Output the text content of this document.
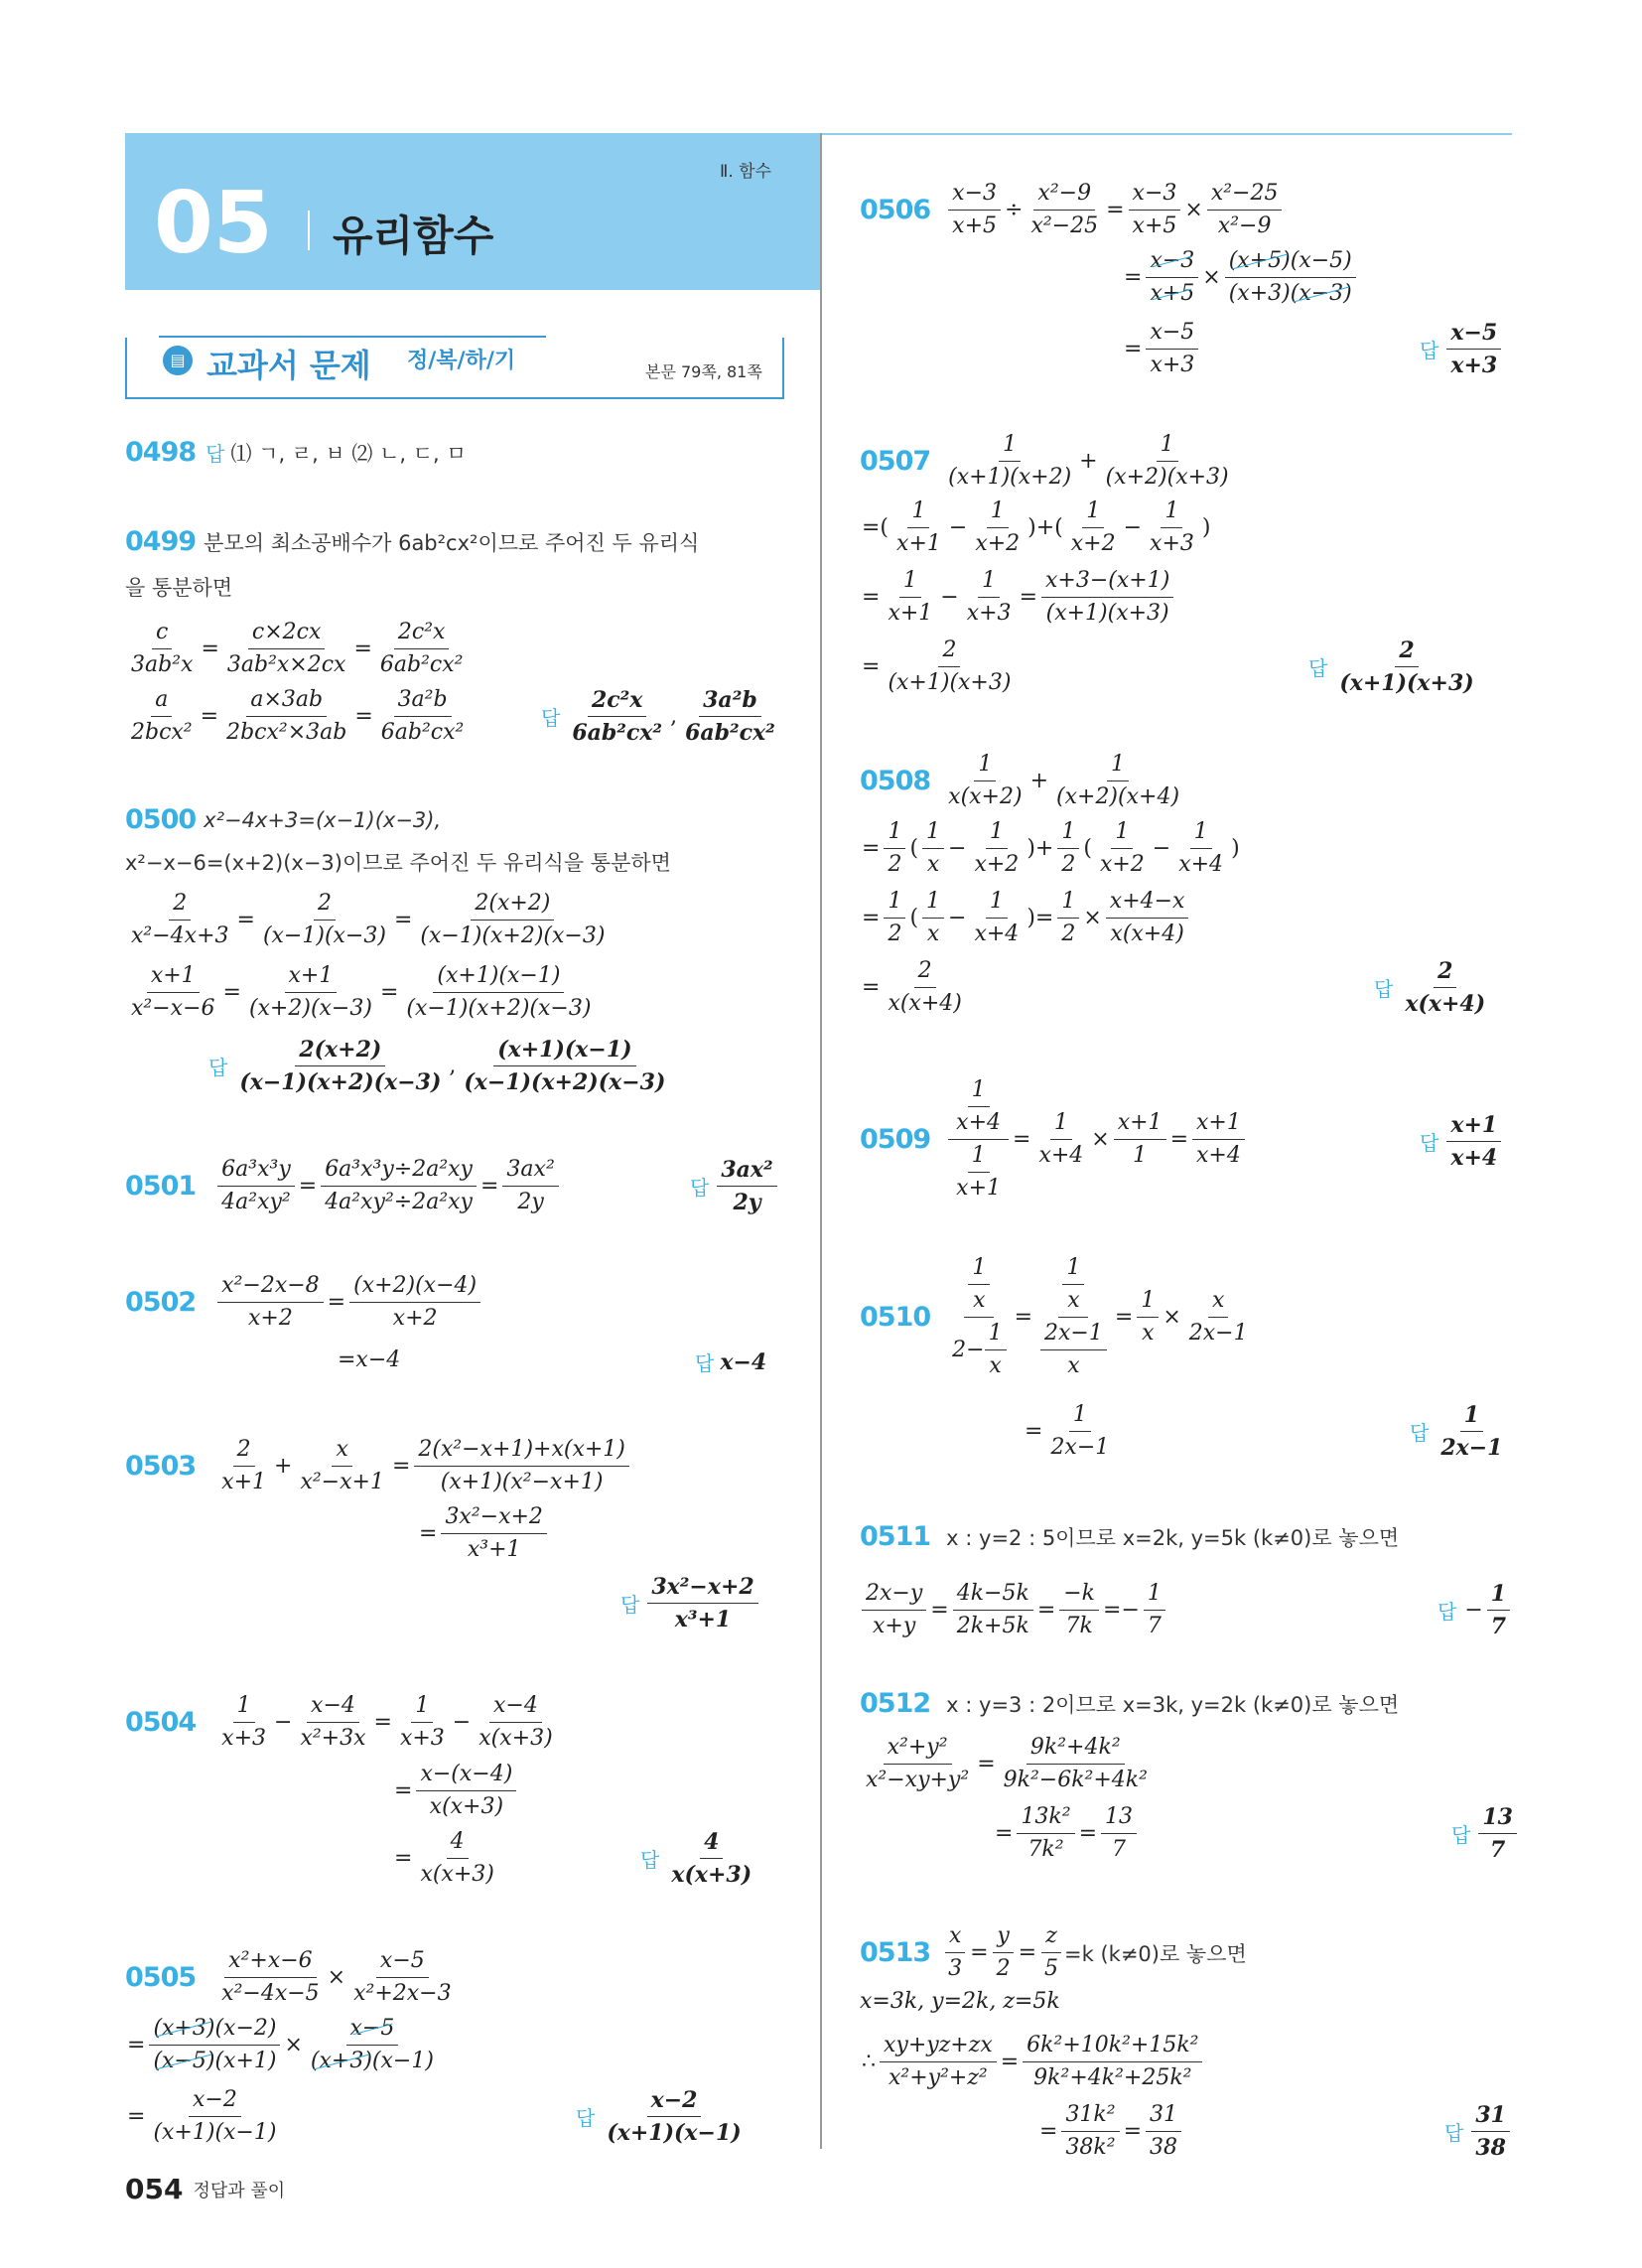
Ⅱ. 함수
05 유리함수
▤ 교과서 문제 정/복/하/기	본문 79쪽, 81쪽
0498 답 ⑴ ㄱ, ㄹ, ㅂ ⑵ ㄴ, ㄷ, ㅁ
0499 분모의 최소공배수가 6ab²cx²이므로 주어진 두 유리식
을 통분하면
$\frac{c}{\text{3ab²x}} = \frac{c\times 2cx}{\text{3ab²x×2cx}} = \frac{\text{2c²x}}{\text{6ab²cx²}}$
$\frac{a}{\text{2bcx²}} = \frac{a\times 3ab}{\text{2bcx²×3ab}} = \frac{\text{3a²b}}{\text{6ab²cx²}}$	답 $\frac{\text{2c²x}}{\text{6ab²cx²}}$ , $\frac{\text{3a²b}}{\text{6ab²cx²}}$
0500 x²−4x+3=(x−1)(x−3),
x²−x−6=(x+2)(x−3)이므로 주어진 두 유리식을 통분하면
$\frac{2}{\text{x²−4x+3}} = \frac{2}{(x-1)(x-3)} = \frac{2(x+2)}{(x-1)(x+2)(x-3)}$
$\frac{x+1}{\text{x²−x−6}} = \frac{x+1}{(x+2)(x-3)} = \frac{(x+1)(x-1)}{(x-1)(x+2)(x-3)}$
답 $\frac{2(x+2)}{(x-1)(x+2)(x-3)}$ , $\frac{(x+1)(x-1)}{(x-1)(x+2)(x-3)}$
$0501 \frac{\text{6a³x³y}}{\text{4a²xy²}} = \frac{\text{6a³x³y÷2a²xy}}{\text{4a²xy²÷2a²xy}} = \frac{\text{3ax²}}{2y}$	답 $\frac{\text{3ax²}}{2y}$
$0502 \frac{\text{x²−2x−8}}{x+2} = \frac{(x+2)(x-4)}{x+2}$
=x−4	답 x−4
$0503 \frac{2}{x+1} + \frac{x}{\text{x²−x+1}} = \frac{\text{2(x²−x+1)+x(x+1)}}{\text{(x+1)(x²−x+1)}}$
= $\frac{\text{3x²−x+2}}{\text{x³+1}}$
답 $\frac{\text{3x²−x+2}}{\text{x³+1}}$
$0504 \frac{1}{x+3} - \frac{x-4}{\text{x²+3x}} = \frac{1}{x+3} - \frac{x-4}{x(x+3)}$
= $\frac{x-(x-4)}{x(x+3)}$
= $\frac{4}{x(x+3)}$	답 $\frac{4}{x(x+3)}$
$0505 \frac{\text{x²+x−6}}{\text{x²−4x−5}} \times \frac{x-5}{\text{x²+2x−3}}$
= $\frac{(x+3)(x-2)}{(x-5)(x+1)} \times \frac{x-5}{(x+3)(x-1)}$
= $\frac{x-2}{(x+1)(x-1)}$	답 $\frac{x-2}{(x+1)(x-1)}$
$0506 \frac{x-3}{x+5} \div \frac{\text{x²−9}}{\text{x²−25}} = \frac{x-3}{x+5} \times \frac{\text{x²−25}}{\text{x²−9}}$
= $\frac{x-3}{x+5} \times \frac{(x+5)(x-5)}{(x+3)(x-3)}$
= $\frac{x-5}{x+3}$	답 $\frac{x-5}{x+3}$
$0507 \frac{1}{(x+1)(x+2)} + \frac{1}{(x+2)(x+3)}$
=( $\frac{1}{x+1} - \frac{1}{x+2}$ )+( $\frac{1}{x+2} - \frac{1}{x+3}$ )
= $\frac{1}{x+1} - \frac{1}{x+3} = \frac{x+3-(x+1)}{(x+1)(x+3)}$
= $\frac{2}{(x+1)(x+3)}$	답 $\frac{2}{(x+1)(x+3)}$
$0508 \frac{1}{x(x+2)} + \frac{1}{(x+2)(x+4)}$
= $\frac{1}{2}$ ( $\frac{1}{x} - \frac{1}{x+2}$ )+ $\frac{1}{2}$ ( $\frac{1}{x+2} - \frac{1}{x+4}$ )
= $\frac{1}{2}$ ( $\frac{1}{x} - \frac{1}{x+4}$ )= $\frac{1}{2} \times \frac{x+4-x}{x(x+4)}$
= $\frac{2}{x(x+4)}$	답 $\frac{2}{x(x+4)}$
$0509 \frac{\frac{1}{x+4}}{\frac{1}{x+1}} = \frac{1}{x+4} \times \frac{x+1}{1} = \frac{x+1}{x+4}$	답 $\frac{x+1}{x+4}$
$0510 \frac{\frac{1}{x}}{2- \frac{1}{x}} = \frac{\frac{1}{x}}{\frac{2x-1}{x}} = \frac{1}{x} \times \frac{x}{2x-1}$
= $\frac{1}{2x-1}$	답 $\frac{1}{2x-1}$
0511 x : y=2 : 5이므로 x=2k, y=5k (k≠0)로 놓으면
$\frac{2x-y}{x+y} = \frac{4k-5k}{2k+5k} = \frac{-k}{7k} =- \frac{1}{7}$	답 − $\frac{1}{7}$
0512 x : y=3 : 2이므로 x=3k, y=2k (k≠0)로 놓으면
$\frac{\text{x²+y²}}{\text{x²−xy+y²}} = \frac{\text{9k²+4k²}}{\text{9k²−6k²+4k²}}$
= $\frac{\text{13k²}}{\text{7k²}} = \frac{13}{7}$	답 $\frac{13}{7}$
$0513 \frac{x}{3} = \frac{y}{2} = \frac{z}{5} =k$ (k≠0)로 놓으면
x=3k, y=2k, z=5k
∴ $\frac{xy+yz+zx}{\text{x²+y²+z²}} = \frac{\text{6k²+10k²+15k²}}{\text{9k²+4k²+25k²}}$
= $\frac{\text{31k²}}{\text{38k²}} = \frac{31}{38}$	답 $\frac{31}{38}$
054 정답과 풀이
